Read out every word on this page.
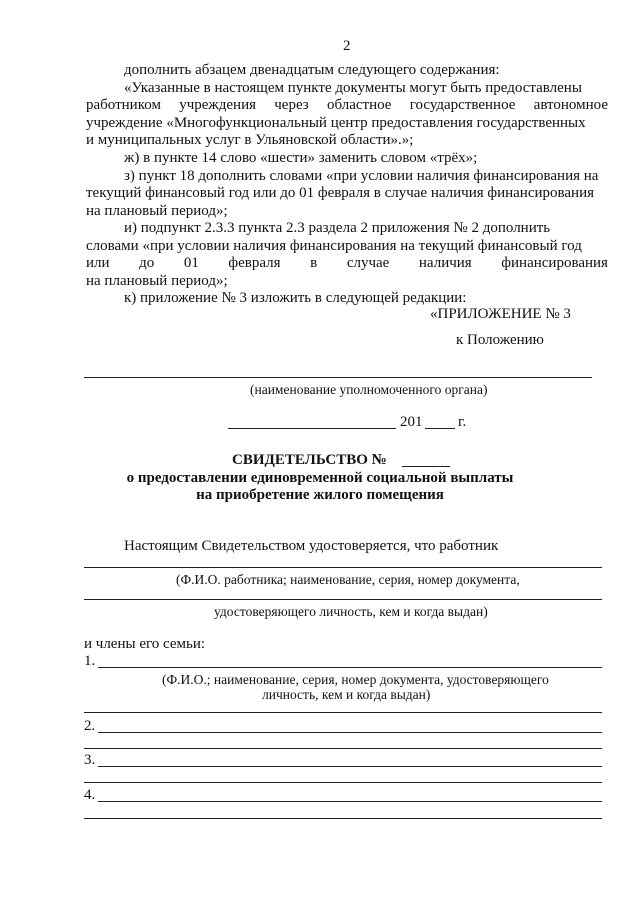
2
дополнить абзацем двенадцатым следующего содержания:
«Указанные в настоящем пункте документы могут быть предоставлены
работником учреждения через областное государственное автономное
учреждение «Многофункциональный центр предоставления государственных
и муниципальных услуг в Ульяновской области».»;
ж) в пункте 14 слово «шести» заменить словом «трёх»;
з) пункт 18 дополнить словами «при условии наличия финансирования на
текущий финансовый год или до 01 февраля в случае наличия финансирования
на плановый период»;
и) подпункт 2.3.3 пункта 2.3 раздела 2 приложения № 2 дополнить
словами «при условии наличия финансирования на текущий финансовый год
или до 01 февраля в случае наличия финансирования
на плановый период»;
к) приложение № 3 изложить в следующей редакции:
«ПРИЛОЖЕНИЕ № 3
к Положению
(наименование уполномоченного органа)
201 г.
СВИДЕТЕЛЬСТВО №
о предоставлении единовременной социальной выплаты
на приобретение жилого помещения
Настоящим Свидетельством удостоверяется, что работник
(Ф.И.О. работника; наименование, серия, номер документа,
удостоверяющего личность, кем и когда выдан)
и члены его семьи:
1.
(Ф.И.О.; наименование, серия, номер документа, удостоверяющего
личность, кем и когда выдан)
2.
3.
4.
